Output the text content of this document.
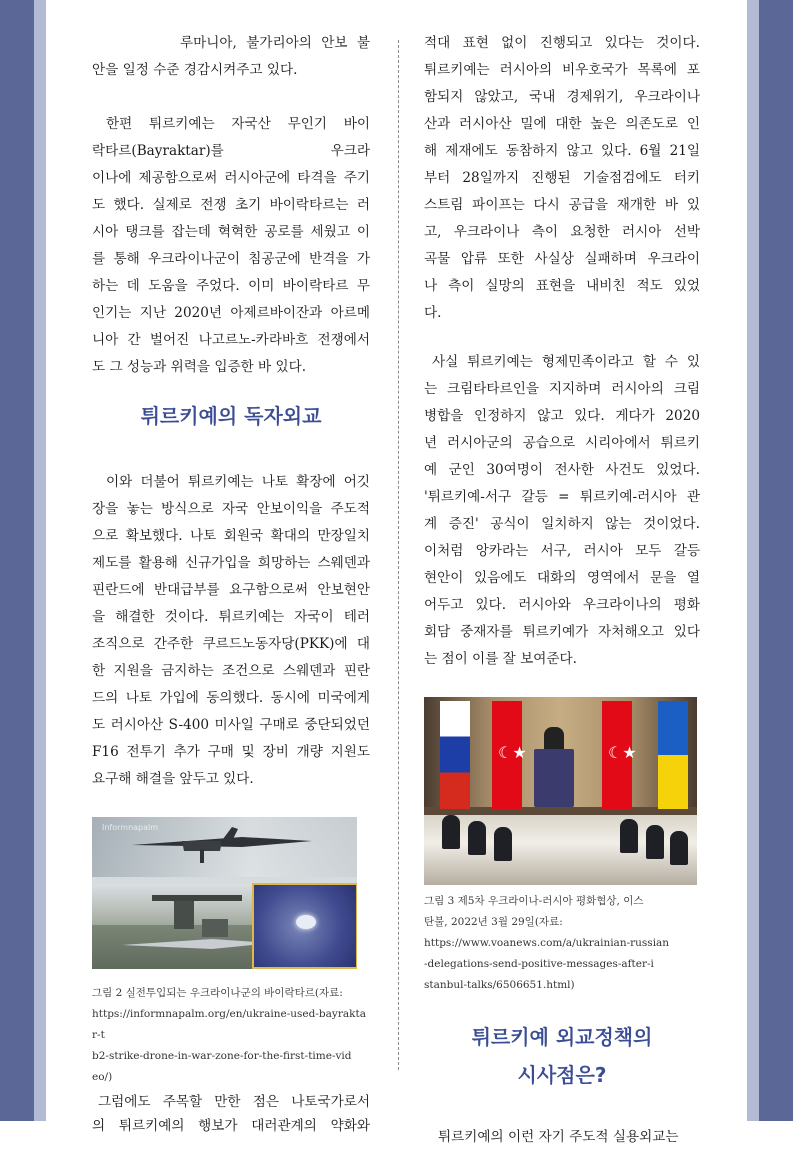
루마니아, 불가리아의 안보 불
안을 일정 수준 경감시켜주고 있다.
한편 튀르키예는 자국산 무인기 바이
락타르(Bayraktar)를 우크라
이나에 제공함으로써 러시아군에 타격을 주기
도 했다. 실제로 전쟁 초기 바이락타르는 러
시아 탱크를 잡는데 혁혁한 공로를 세웠고 이
를 통해 우크라이나군이 침공군에 반격을 가
하는 데 도움을 주었다. 이미 바이락타르 무
인기는 지난 2020년 아제르바이잔과 아르메
니아 간 벌어진 나고르노-카라바흐 전쟁에서
도 그 성능과 위력을 입증한 바 있다.
튀르키예의 독자외교
이와 더불어 튀르키예는 나토 확장에 어깃
장을 놓는 방식으로 자국 안보이익을 주도적
으로 확보했다. 나토 회원국 확대의 만장일치
제도를 활용해 신규가입을 희망하는 스웨덴과
핀란드에 반대급부를 요구함으로써 안보현안
을 해결한 것이다. 튀르키예는 자국이 테러
조직으로 간주한 쿠르드노동자당(PKK)에 대
한 지원을 금지하는 조건으로 스웨덴과 핀란
드의 나토 가입에 동의했다. 동시에 미국에게
도 러시아산 S-400 미사일 구매로 중단되었던
F16 전투기 추가 구매 및 장비 개량 지원도
요구해 해결을 앞두고 있다.
Informnapalm
그림 2 실전투입되는 우크라이나군의 바이락타르(자료:
https://informnapalm.org/en/ukraine-used-bayraktar-t
b2-strike-drone-in-war-zone-for-the-first-time-vid
eo/)
그럼에도 주목할 만한 점은 나토국가로서
의 튀르키예의 행보가 대러관계의 약화와
적대 표현 없이 진행되고 있다는 것이다.
튀르키예는 러시아의 비우호국가 목록에 포
함되지 않았고, 국내 경제위기, 우크라이나
산과 러시아산 밀에 대한 높은 의존도로 인
해 제재에도 동참하지 않고 있다. 6월 21일
부터 28일까지 진행된 기술점검에도 터키
스트림 파이프는 다시 공급을 재개한 바 있
고, 우크라이나 측이 요청한 러시아 선박
곡물 압류 또한 사실상 실패하며 우크라이
나 측이 실망의 표현을 내비친 적도 있었
다.
사실 튀르키예는 형제민족이라고 할 수 있
는 크림타타르인을 지지하며 러시아의 크림
병합을 인정하지 않고 있다. 게다가 2020
년 러시아군의 공습으로 시리아에서 튀르키
예 군인 30여명이 전사한 사건도 있었다.
'튀르키예-서구 갈등 = 튀르키예-러시아 관
계 증진' 공식이 일치하지 않는 것이었다.
이처럼 앙카라는 서구, 러시아 모두 갈등
현안이 있음에도 대화의 영역에서 문을 열
어두고 있다. 러시아와 우크라이나의 평화
회담 중재자를 튀르키예가 자처해오고 있다
는 점이 이를 잘 보여준다.
☾★	☾★
그림 3 제5차 우크라이나-러시아 평화협상, 이스
탄불, 2022년 3월 29일(자료:
https://www.voanews.com/a/ukrainian-russian
-delegations-send-positive-messages-after-i
stanbul-talks/6506651.html)
튀르키예 외교정책의
시사점은?
튀르키예의 이런 자기 주도적 실용외교는
